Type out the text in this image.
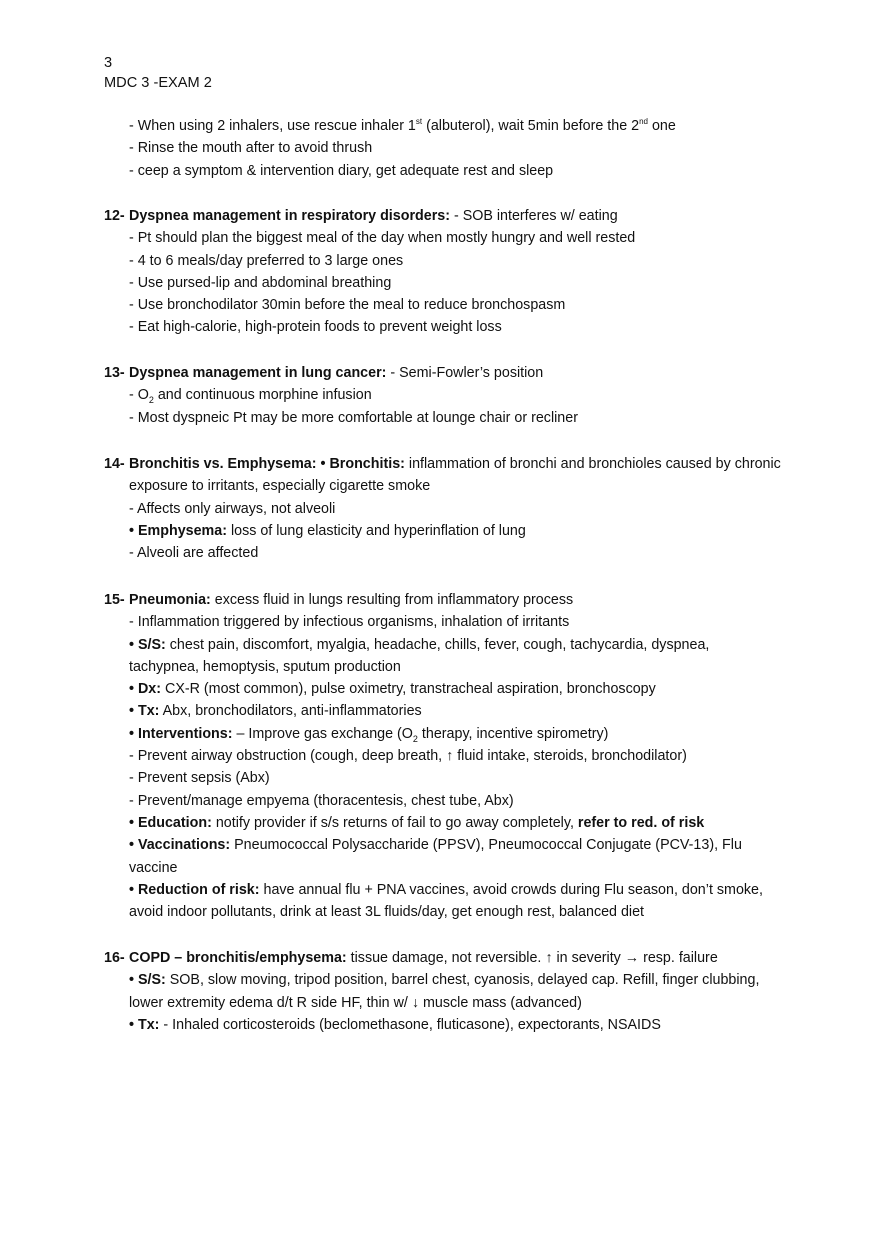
3
MDC 3 -EXAM 2
- When using 2 inhalers, use rescue inhaler 1st (albuterol), wait 5min before the 2nd one
- Rinse the mouth after to avoid thrush
- сeep a symptom & intervention diary, get adequate rest and sleep
12- Dyspnea management in respiratory disorders: - SOB interferes w/ eating
- Pt should plan the biggest meal of the day when mostly hungry and well rested
- 4 to 6 meals/day preferred to 3 large ones
- Use pursed-lip and abdominal breathing
- Use bronchodilator 30min before the meal to reduce bronchospasm
- Eat high-calorie, high-protein foods to prevent weight loss
13- Dyspnea management in lung cancer: - Semi-Fowler’s position
- $O_2$ and continuous morphine infusion
- Most dyspneic Pt may be more comfortable at lounge chair or recliner
14- Bronchitis vs. Emphysema: • Bronchitis: inflammation of bronchi and bronchioles caused by chronic
exposure to irritants, especially cigarette smoke
- Affects only airways, not alveoli
• Emphysema: loss of lung elasticity and hyperinflation of lung
- Alveoli are affected
15- Pneumonia: excess fluid in lungs resulting from inflammatory process
- Inflammation triggered by infectious organisms, inhalation of irritants
• S/S: chest pain, discomfort, myalgia, headache, chills, fever, cough, tachycardia, dyspnea,
tachypnea, hemoptysis, sputum production
• Dx: CX-R (most common), pulse oximetry, transtracheal aspiration, bronchoscopy
• Tx: Abx, bronchodilators, anti-inflammatories
• Interventions: – Improve gas exchange ($O_2$ therapy, incentive spirometry)
- Prevent airway obstruction (cough, deep breath, ↑ fluid intake, steroids, bronchodilator)
- Prevent sepsis (Abx)
- Prevent/manage empyema (thoracentesis, chest tube, Abx)
• Education: notify provider if s/s returns of fail to go away completely, refer to red. of risk
• Vaccinations: Pneumococcal Polysaccharide (PPSV), Pneumococcal Conjugate (PCV-13), Flu
vaccine
• Reduction of risk: have annual flu + PNA vaccines, avoid crowds during Flu season, don’t smoke,
avoid indoor pollutants, drink at least 3L fluids/day, get enough rest, balanced diet
16- COPD – bronchitis/emphysema: tissue damage, not reversible. ↑ in severity → resp. failure
• S/S: SOB, slow moving, tripod position, barrel chest, cyanosis, delayed cap. Refill, finger clubbing,
lower extremity edema d/t R side HF, thin w/ ↓ muscle mass (advanced)
• Tx: - Inhaled corticosteroids (beclomethasone, fluticasone), expectorants, NSAIDS
